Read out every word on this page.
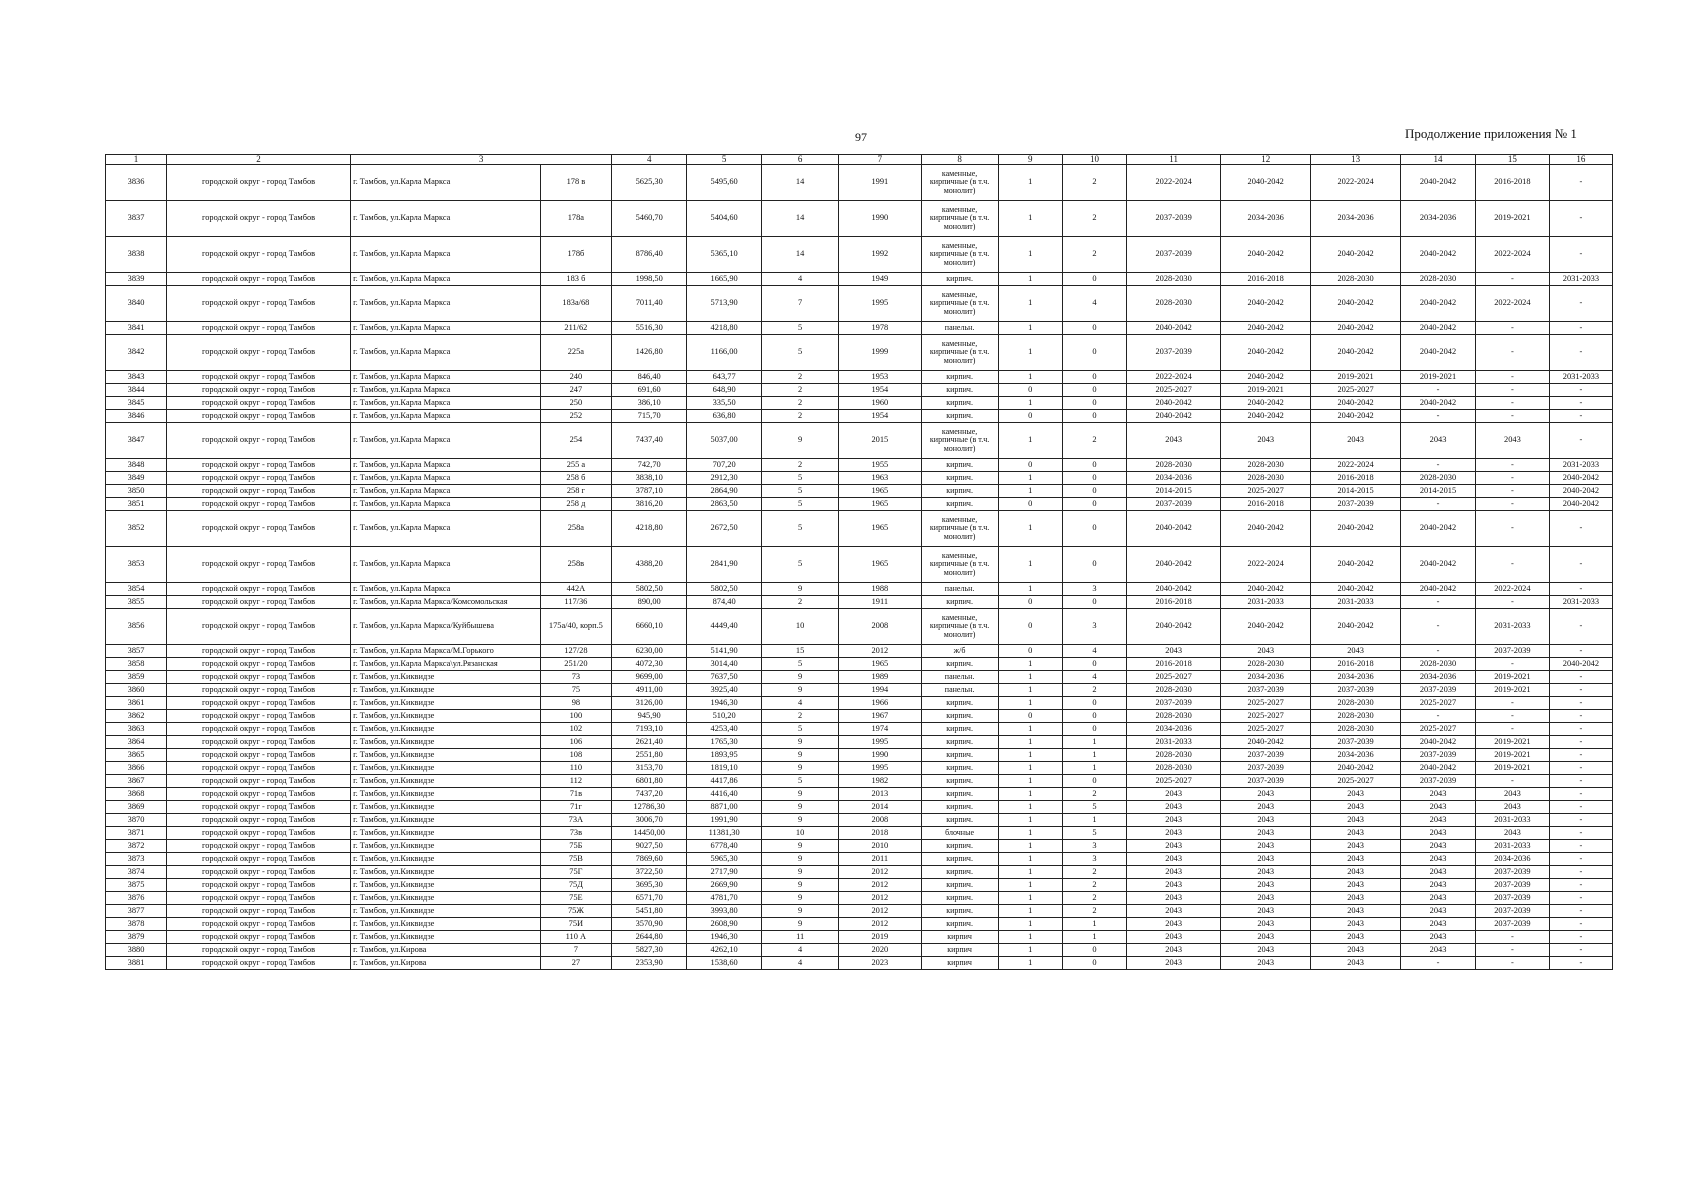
97	Продолжение приложения № 1
1	2	3		4	5	6	7	8	9	10	11	12	13	14	15	16
3836	городской округ - город Тамбов	г. Тамбов, ул.Карла Маркса	178 в	5625,30	5495,60	14	1991	каменные, кирпичные (в т.ч. монолит)	1	2	2022-2024	2040-2042	2022-2024	2040-2042	2016-2018	-
3837	городской округ - город Тамбов	г. Тамбов, ул.Карла Маркса	178а	5460,70	5404,60	14	1990	каменные, кирпичные (в т.ч. монолит)	1	2	2037-2039	2034-2036	2034-2036	2034-2036	2019-2021	-
3838	городской округ - город Тамбов	г. Тамбов, ул.Карла Маркса	178б	8786,40	5365,10	14	1992	каменные, кирпичные (в т.ч. монолит)	1	2	2037-2039	2040-2042	2040-2042	2040-2042	2022-2024	-
3839	городской округ - город Тамбов	г. Тамбов, ул.Карла Маркса	183 б	1998,50	1665,90	4	1949	кирпич.	1	0	2028-2030	2016-2018	2028-2030	2028-2030	-	2031-2033
3840	городской округ - город Тамбов	г. Тамбов, ул.Карла Маркса	183а/68	7011,40	5713,90	7	1995	каменные, кирпичные (в т.ч. монолит)	1	4	2028-2030	2040-2042	2040-2042	2040-2042	2022-2024	-
3841	городской округ - город Тамбов	г. Тамбов, ул.Карла Маркса	211/62	5516,30	4218,80	5	1978	панельн.	1	0	2040-2042	2040-2042	2040-2042	2040-2042	-	-
3842	городской округ - город Тамбов	г. Тамбов, ул.Карла Маркса	225а	1426,80	1166,00	5	1999	каменные, кирпичные (в т.ч. монолит)	1	0	2037-2039	2040-2042	2040-2042	2040-2042	-	-
3843	городской округ - город Тамбов	г. Тамбов, ул.Карла Маркса	240	846,40	643,77	2	1953	кирпич.	1	0	2022-2024	2040-2042	2019-2021	2019-2021	-	2031-2033
3844	городской округ - город Тамбов	г. Тамбов, ул.Карла Маркса	247	691,60	648,90	2	1954	кирпич.	0	0	2025-2027	2019-2021	2025-2027	-	-	-
3845	городской округ - город Тамбов	г. Тамбов, ул.Карла Маркса	250	386,10	335,50	2	1960	кирпич.	1	0	2040-2042	2040-2042	2040-2042	2040-2042	-	-
3846	городской округ - город Тамбов	г. Тамбов, ул.Карла Маркса	252	715,70	636,80	2	1954	кирпич.	0	0	2040-2042	2040-2042	2040-2042	-	-	-
3847	городской округ - город Тамбов	г. Тамбов, ул.Карла Маркса	254	7437,40	5037,00	9	2015	каменные, кирпичные (в т.ч. монолит)	1	2	2043	2043	2043	2043	2043	-
3848	городской округ - город Тамбов	г. Тамбов, ул.Карла Маркса	255 а	742,70	707,20	2	1955	кирпич.	0	0	2028-2030	2028-2030	2022-2024	-	-	2031-2033
3849	городской округ - город Тамбов	г. Тамбов, ул.Карла Маркса	258 б	3838,10	2912,30	5	1963	кирпич.	1	0	2034-2036	2028-2030	2016-2018	2028-2030	-	2040-2042
3850	городской округ - город Тамбов	г. Тамбов, ул.Карла Маркса	258 г	3787,10	2864,90	5	1965	кирпич.	1	0	2014-2015	2025-2027	2014-2015	2014-2015	-	2040-2042
3851	городской округ - город Тамбов	г. Тамбов, ул.Карла Маркса	258 д	3816,20	2863,50	5	1965	кирпич.	0	0	2037-2039	2016-2018	2037-2039	-	-	2040-2042
3852	городской округ - город Тамбов	г. Тамбов, ул.Карла Маркса	258а	4218,80	2672,50	5	1965	каменные, кирпичные (в т.ч. монолит)	1	0	2040-2042	2040-2042	2040-2042	2040-2042	-	-
3853	городской округ - город Тамбов	г. Тамбов, ул.Карла Маркса	258в	4388,20	2841,90	5	1965	каменные, кирпичные (в т.ч. монолит)	1	0	2040-2042	2022-2024	2040-2042	2040-2042	-	-
3854	городской округ - город Тамбов	г. Тамбов, ул.Карла Маркса	442А	5802,50	5802,50	9	1988	панельн.	1	3	2040-2042	2040-2042	2040-2042	2040-2042	2022-2024	-
3855	городской округ - город Тамбов	г. Тамбов, ул.Карла Маркса/Комсомольская	117/36	890,00	874,40	2	1911	кирпич.	0	0	2016-2018	2031-2033	2031-2033	-	-	2031-2033
3856	городской округ - город Тамбов	г. Тамбов, ул.Карла Маркса/Куйбышева	175а/40, корп.5	6660,10	4449,40	10	2008	каменные, кирпичные (в т.ч. монолит)	0	3	2040-2042	2040-2042	2040-2042	-	2031-2033	-
3857	городской округ - город Тамбов	г. Тамбов, ул.Карла Маркса/М.Горького	127/28	6230,00	5141,90	15	2012	ж/б	0	4	2043	2043	2043	-	2037-2039	-
3858	городской округ - город Тамбов	г. Тамбов, ул.Карла Маркса\ул.Рязанская	251/20	4072,30	3014,40	5	1965	кирпич.	1	0	2016-2018	2028-2030	2016-2018	2028-2030	-	2040-2042
3859	городской округ - город Тамбов	г. Тамбов, ул.Киквидзе	73	9699,00	7637,50	9	1989	панельн.	1	4	2025-2027	2034-2036	2034-2036	2034-2036	2019-2021	-
3860	городской округ - город Тамбов	г. Тамбов, ул.Киквидзе	75	4911,00	3925,40	9	1994	панельн.	1	2	2028-2030	2037-2039	2037-2039	2037-2039	2019-2021	-
3861	городской округ - город Тамбов	г. Тамбов, ул.Киквидзе	98	3126,00	1946,30	4	1966	кирпич.	1	0	2037-2039	2025-2027	2028-2030	2025-2027	-	-
3862	городской округ - город Тамбов	г. Тамбов, ул.Киквидзе	100	945,90	510,20	2	1967	кирпич.	0	0	2028-2030	2025-2027	2028-2030	-	-	-
3863	городской округ - город Тамбов	г. Тамбов, ул.Киквидзе	102	7193,10	4253,40	5	1974	кирпич.	1	0	2034-2036	2025-2027	2028-2030	2025-2027	-	-
3864	городской округ - город Тамбов	г. Тамбов, ул.Киквидзе	106	2621,40	1765,30	9	1995	кирпич.	1	1	2031-2033	2040-2042	2037-2039	2040-2042	2019-2021	-
3865	городской округ - город Тамбов	г. Тамбов, ул.Киквидзе	108	2551,80	1893,95	9	1990	кирпич.	1	1	2028-2030	2037-2039	2034-2036	2037-2039	2019-2021	-
3866	городской округ - город Тамбов	г. Тамбов, ул.Киквидзе	110	3153,70	1819,10	9	1995	кирпич.	1	1	2028-2030	2037-2039	2040-2042	2040-2042	2019-2021	-
3867	городской округ - город Тамбов	г. Тамбов, ул.Киквидзе	112	6801,80	4417,86	5	1982	кирпич.	1	0	2025-2027	2037-2039	2025-2027	2037-2039	-	-
3868	городской округ - город Тамбов	г. Тамбов, ул.Киквидзе	71в	7437,20	4416,40	9	2013	кирпич.	1	2	2043	2043	2043	2043	2043	-
3869	городской округ - город Тамбов	г. Тамбов, ул.Киквидзе	71г	12786,30	8871,00	9	2014	кирпич.	1	5	2043	2043	2043	2043	2043	-
3870	городской округ - город Тамбов	г. Тамбов, ул.Киквидзе	73А	3006,70	1991,90	9	2008	кирпич.	1	1	2043	2043	2043	2043	2031-2033	-
3871	городской округ - город Тамбов	г. Тамбов, ул.Киквидзе	73в	14450,00	11381,30	10	2018	блочные	1	5	2043	2043	2043	2043	2043	-
3872	городской округ - город Тамбов	г. Тамбов, ул.Киквидзе	75Б	9027,50	6778,40	9	2010	кирпич.	1	3	2043	2043	2043	2043	2031-2033	-
3873	городской округ - город Тамбов	г. Тамбов, ул.Киквидзе	75В	7869,60	5965,30	9	2011	кирпич.	1	3	2043	2043	2043	2043	2034-2036	-
3874	городской округ - город Тамбов	г. Тамбов, ул.Киквидзе	75Г	3722,50	2717,90	9	2012	кирпич.	1	2	2043	2043	2043	2043	2037-2039	-
3875	городской округ - город Тамбов	г. Тамбов, ул.Киквидзе	75Д	3695,30	2669,90	9	2012	кирпич.	1	2	2043	2043	2043	2043	2037-2039	-
3876	городской округ - город Тамбов	г. Тамбов, ул.Киквидзе	75Е	6571,70	4781,70	9	2012	кирпич.	1	2	2043	2043	2043	2043	2037-2039	-
3877	городской округ - город Тамбов	г. Тамбов, ул.Киквидзе	75Ж	5451,80	3993,80	9	2012	кирпич.	1	2	2043	2043	2043	2043	2037-2039	-
3878	городской округ - город Тамбов	г. Тамбов, ул.Киквидзе	75И	3570,90	2608,90	9	2012	кирпич.	1	1	2043	2043	2043	2043	2037-2039	-
3879	городской округ - город Тамбов	г. Тамбов, ул.Киквидзе	110 А	2644,80	1946,30	11	2019	кирпич	1	1	2043	2043	2043	2043	-	-
3880	городской округ - город Тамбов	г. Тамбов, ул.Кирова	7	5827,30	4262,10	4	2020	кирпич	1	0	2043	2043	2043	2043	-	-
3881	городской округ - город Тамбов	г. Тамбов, ул.Кирова	27	2353,90	1538,60	4	2023	кирпич	1	0	2043	2043	2043	-	-	-
